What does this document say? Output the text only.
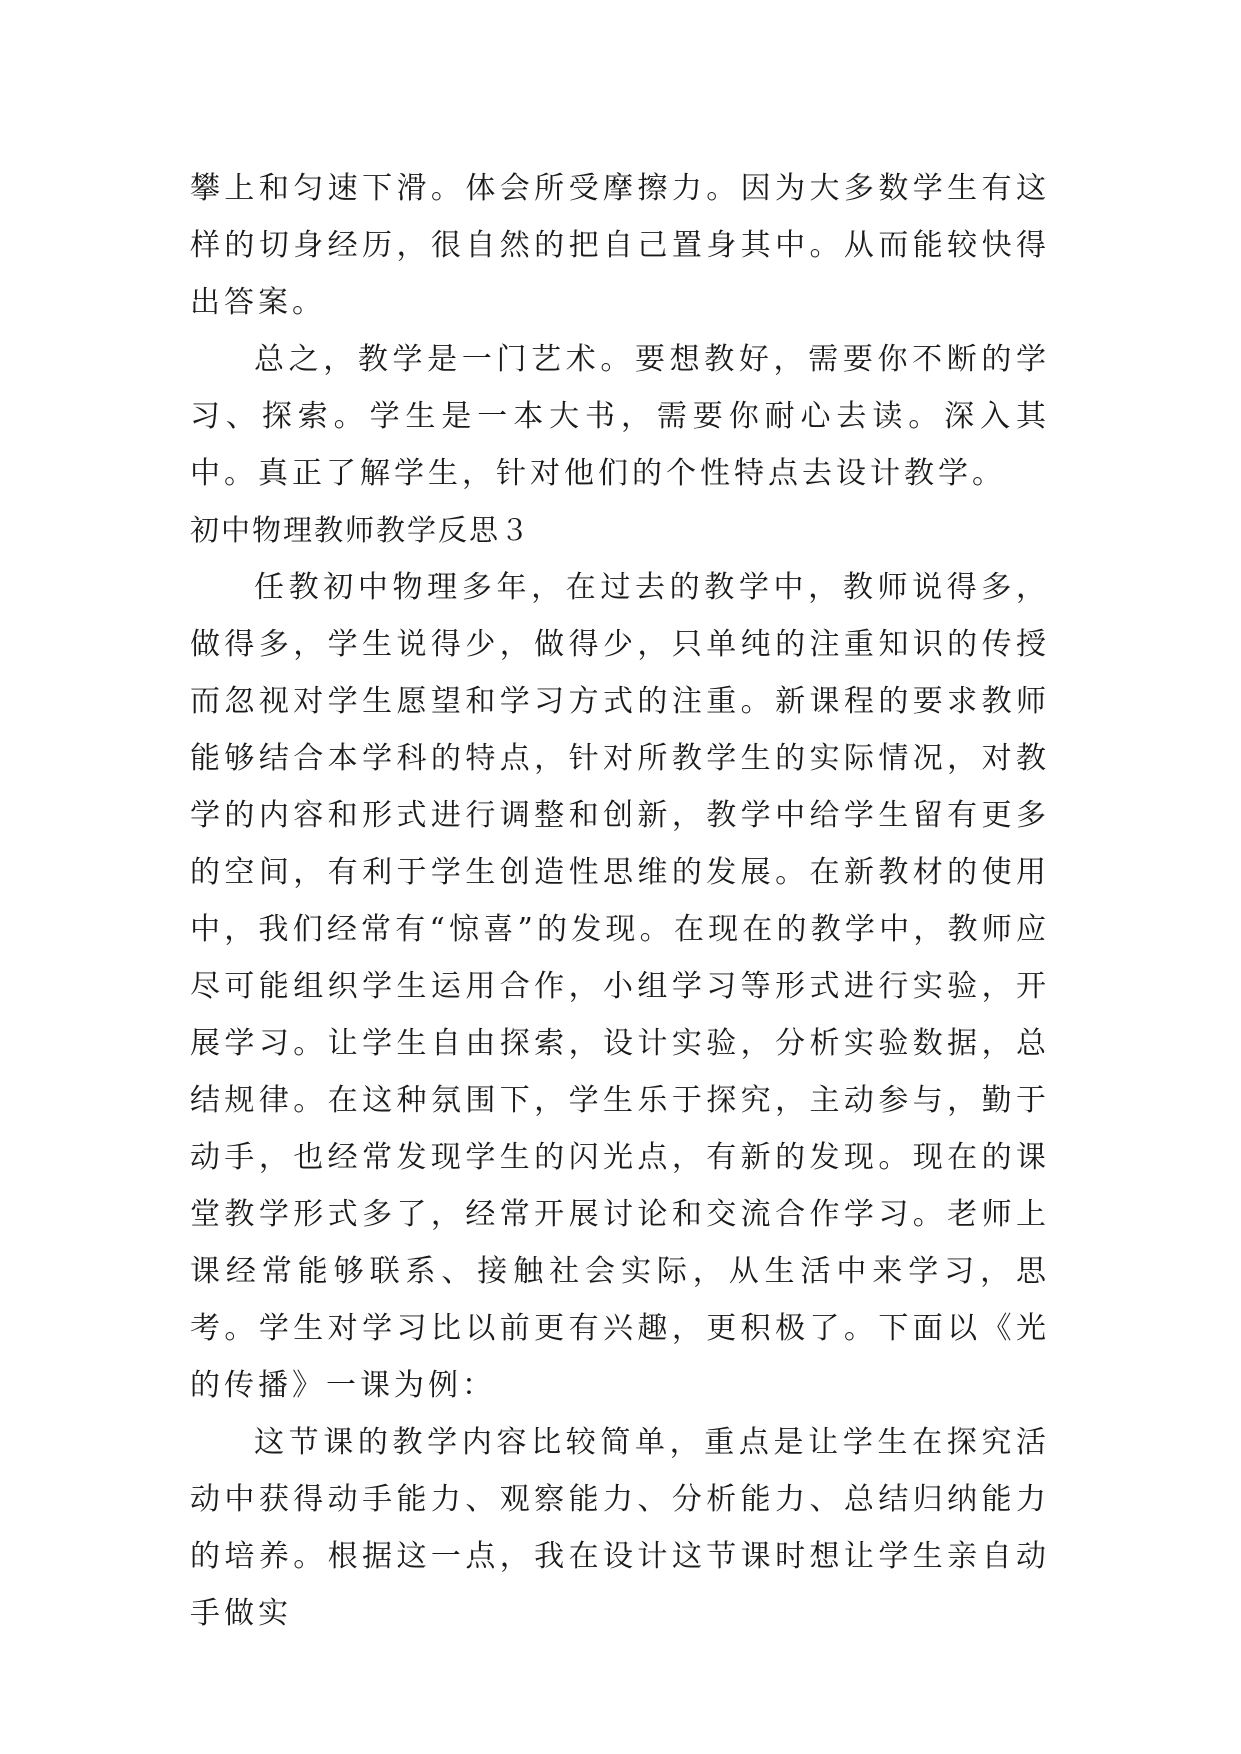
攀上和匀速下滑。体会所受摩擦力。因为大多数学生有这样的切身经历，很自然的把自己置身其中。从而能较快得出答案。

总之，教学是一门艺术。要想教好，需要你不断的学习、探索。学生是一本大书，需要你耐心去读。深入其中。真正了解学生，针对他们的个性特点去设计教学。

初中物理教师教学反思３

任教初中物理多年，在过去的教学中，教师说得多，做得多，学生说得少，做得少，只单纯的注重知识的传授而忽视对学生愿望和学习方式的注重。新课程的要求教师能够结合本学科的特点，针对所教学生的实际情况，对教学的内容和形式进行调整和创新，教学中给学生留有更多的空间，有利于学生创造性思维的发展。在新教材的使用中，我们经常有“惊喜”的发现。在现在的教学中，教师应尽可能组织学生运用合作，小组学习等形式进行实验，开展学习。让学生自由探索，设计实验，分析实验数据，总结规律。在这种氛围下，学生乐于探究，主动参与，勤于动手，也经常发现学生的闪光点，有新的发现。现在的课堂教学形式多了，经常开展讨论和交流合作学习。老师上课经常能够联系、接触社会实际，从生活中来学习，思考。学生对学习比以前更有兴趣，更积极了。下面以《光的传播》一课为例：

这节课的教学内容比较简单，重点是让学生在探究活动中获得动手能力、观察能力、分析能力、总结归纳能力的培养。根据这一点，我在设计这节课时想让学生亲自动手做实
